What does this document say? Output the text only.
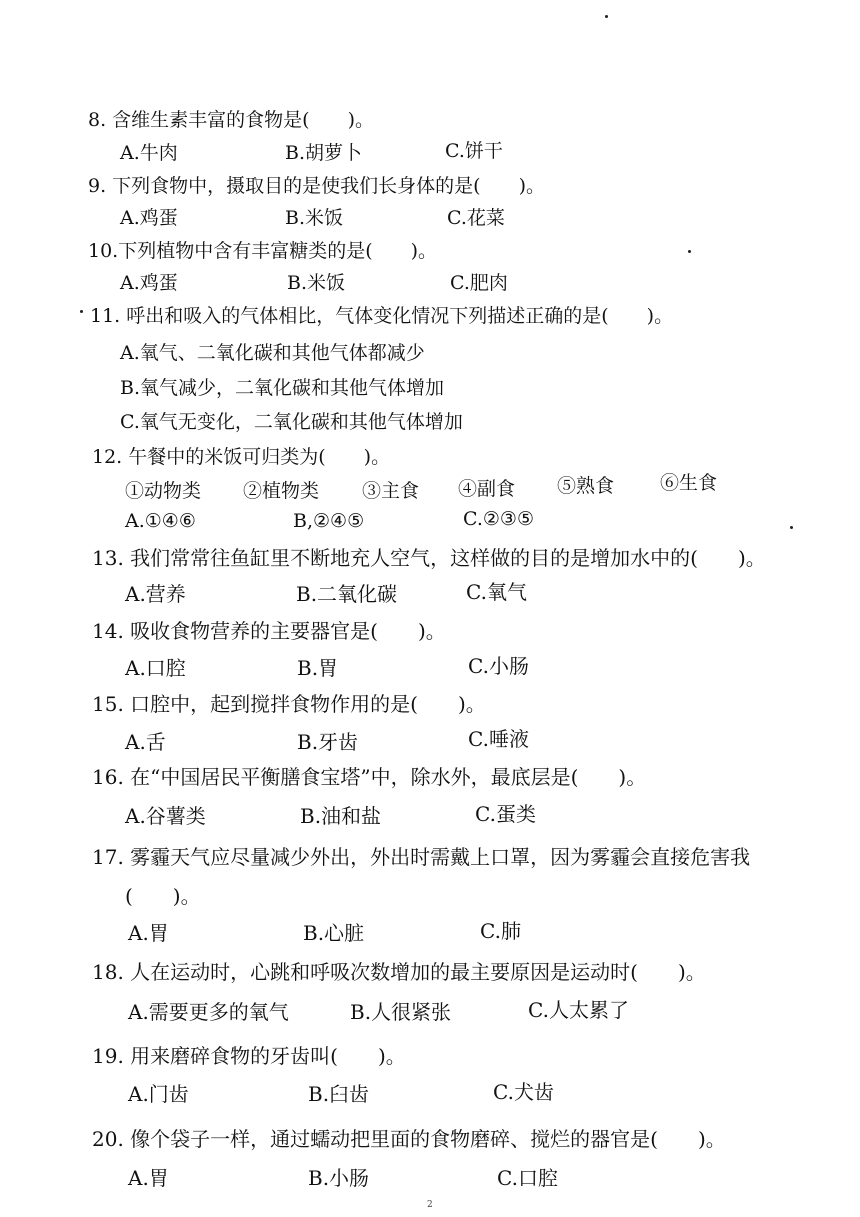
8. 含维生素丰富的食物是(　　)。
A.牛肉	B.胡萝卜	C.饼干
9. 下列食物中，摄取目的是使我们长身体的是(　　)。
A.鸡蛋	B.米饭	C.花菜
10.下列植物中含有丰富糖类的是(　　)。
A.鸡蛋	B.米饭	C.肥肉
11. 呼出和吸入的气体相比，气体变化情况下列描述正确的是(　　)。
A.氧气、二氧化碳和其他气体都减少
B.氧气减少，二氧化碳和其他气体增加
C.氧气无变化，二氧化碳和其他气体增加
12. 午餐中的米饭可归类为(　　)。
①动物类 ②植物类 ③主食 ④副食 ⑤熟食 ⑥生食
A.①④⑥	B,②④⑤	C.②③⑤
13. 我们常常往鱼缸里不断地充人空气，这样做的目的是增加水中的(　　)。
A.营养	B.二氧化碳	C.氧气
14. 吸收食物营养的主要器官是(　　)。
A.口腔	B.胃	C.小肠
15. 口腔中，起到搅拌食物作用的是(　　)。
A.舌	B.牙齿	C.唾液
16. 在“中国居民平衡膳食宝塔”中，除水外，最底层是(　　)。
A.谷薯类	B.油和盐	C.蛋类
17. 雾霾天气应尽量减少外出，外出时需戴上口罩，因为雾霾会直接危害我
(　　)。
A.胃	B.心脏	C.肺
18. 人在运动时，心跳和呼吸次数增加的最主要原因是运动时(　　)。
A.需要更多的氧气	B.人很紧张	C.人太累了
19. 用来磨碎食物的牙齿叫(　　)。
A.门齿	B.臼齿	C.犬齿
20. 像个袋子一样，通过蠕动把里面的食物磨碎、搅烂的器官是(　　)。
A.胃	B.小肠	C.口腔
2
